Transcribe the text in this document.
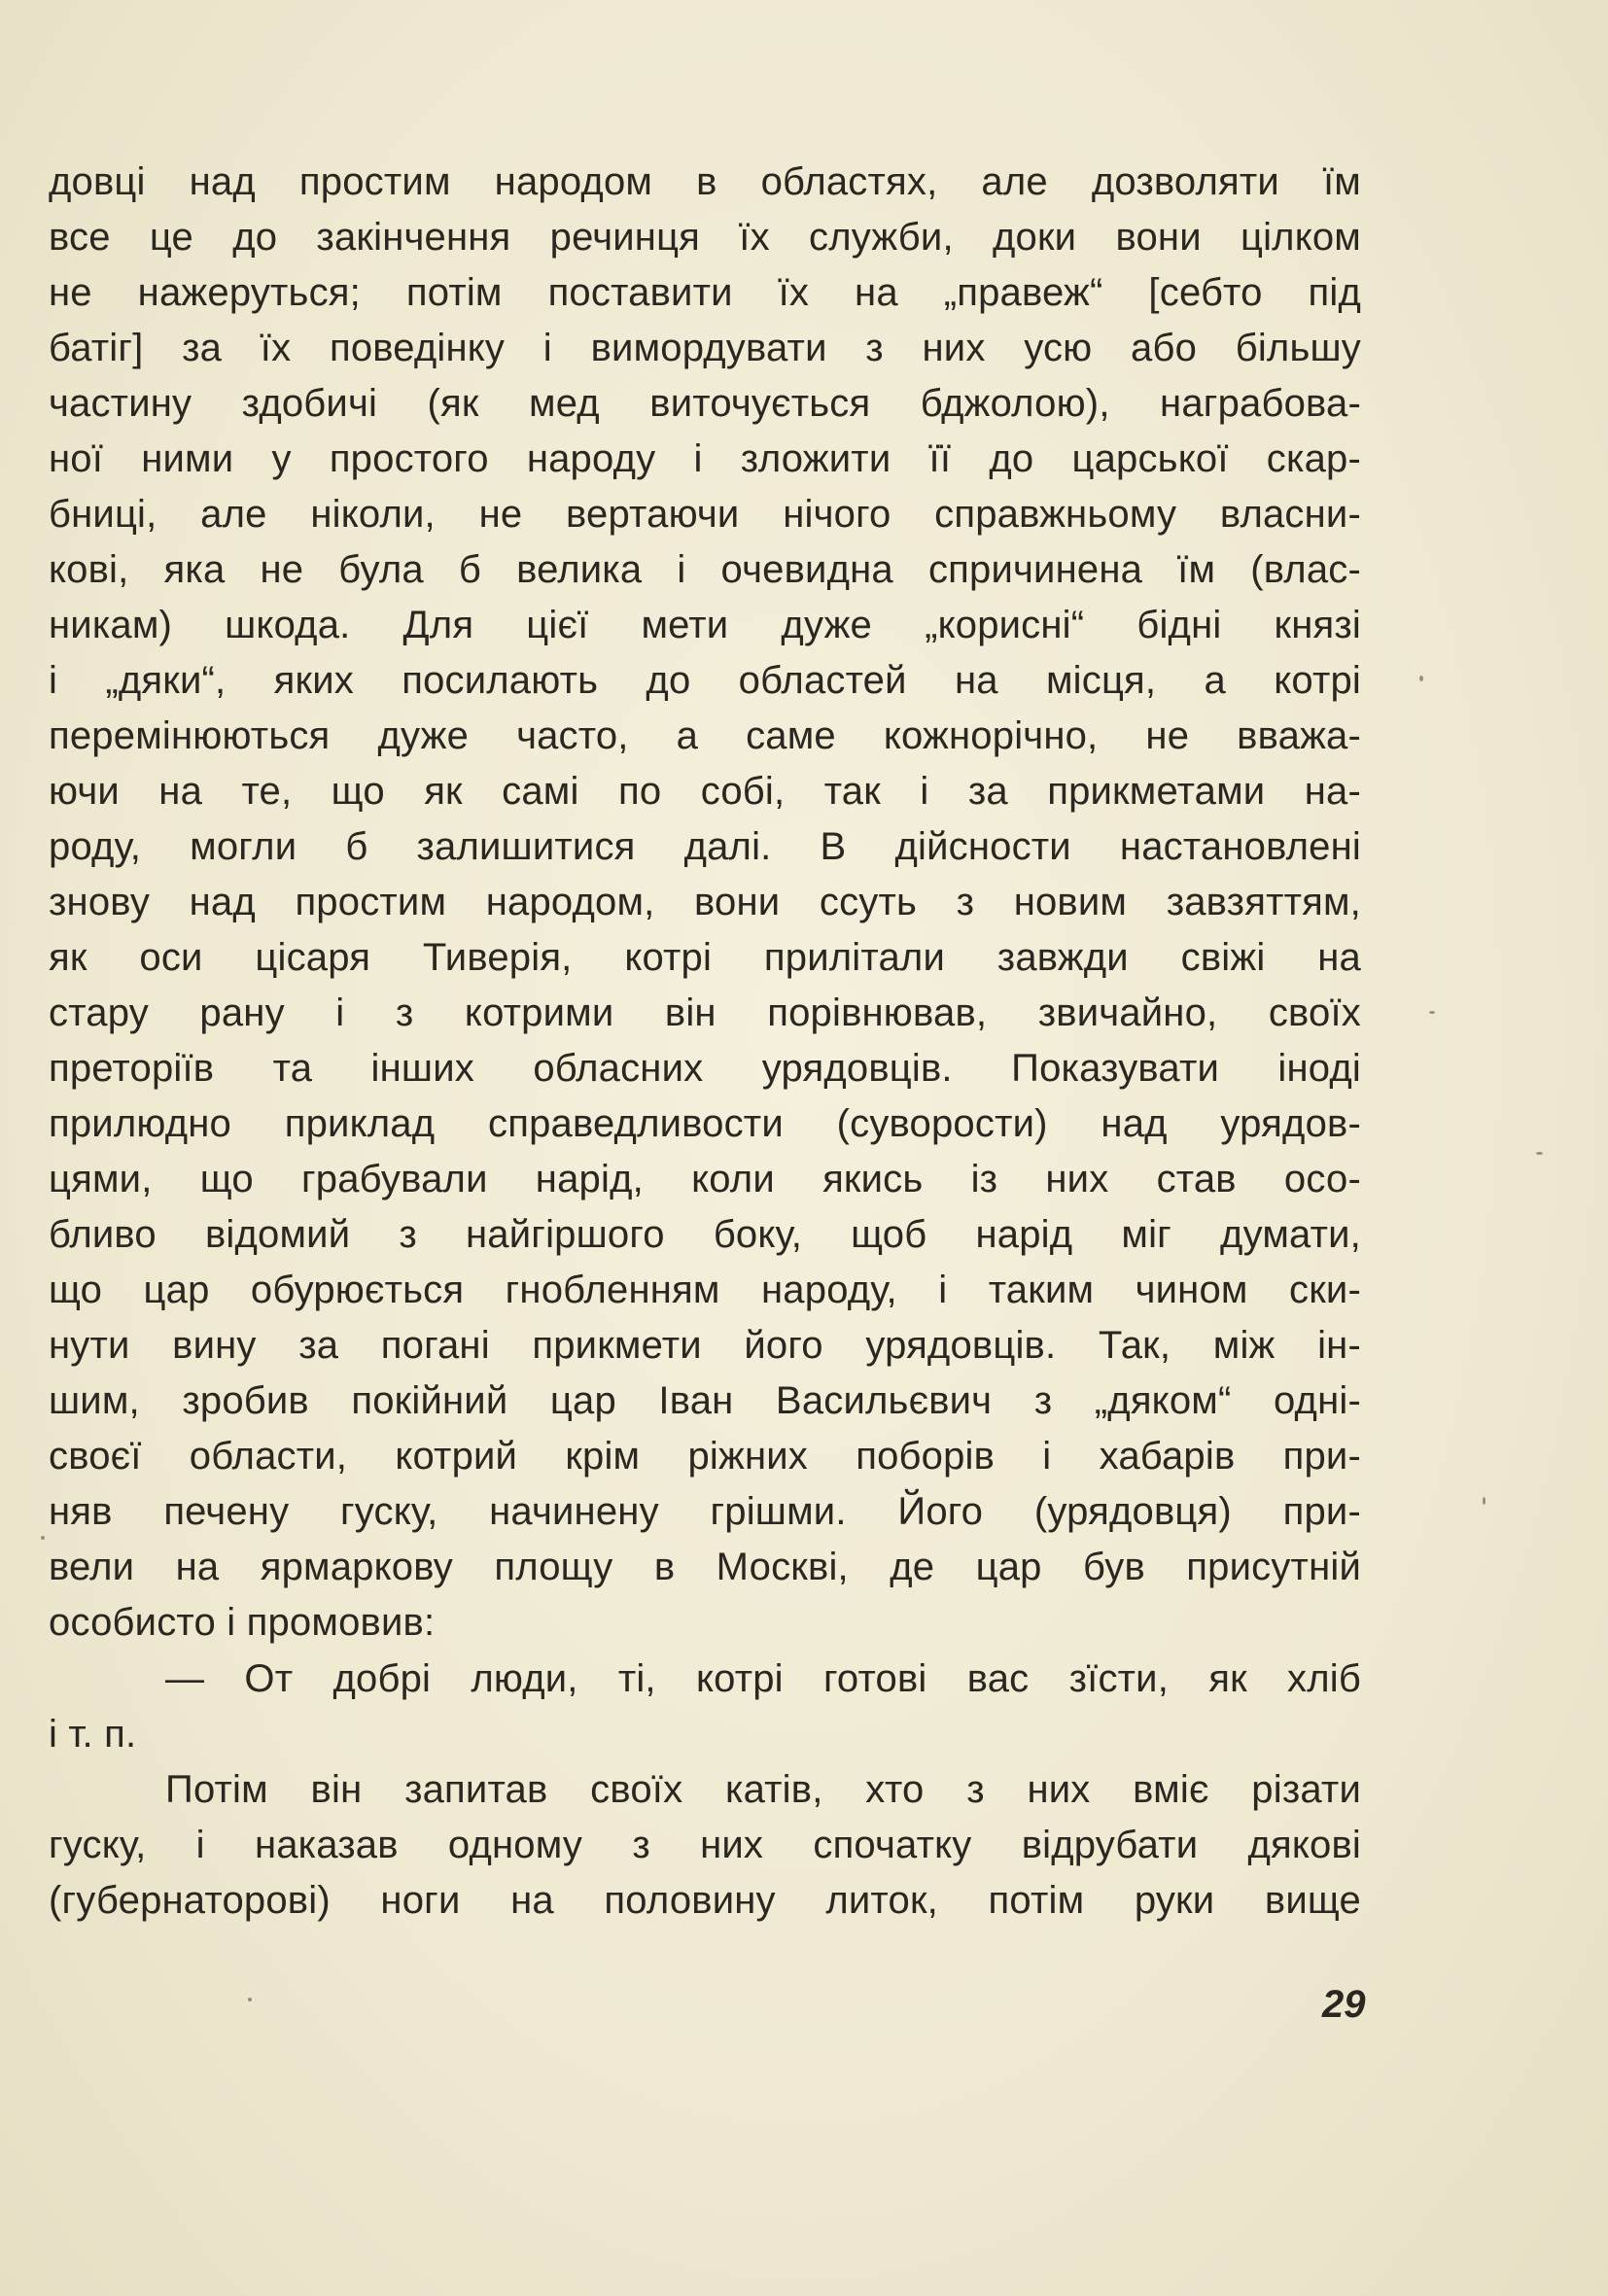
довці над простим народом в областях, але дозволяти їм
все це до закінчення речинця їх служби, доки вони цілком
не нажеруться; потім поставити їх на „правеж“ [себто під
батіг] за їх поведінку і вимордувати з них усю або більшу
частину здобичі (як мед виточується бджолою), награбова-
ної ними у простого народу і зложити її до царської скар-
бниці, але ніколи, не вертаючи нічого справжньому власни-
кові, яка не була б велика і очевидна спричинена їм (влас-
никам) шкода. Для цієї мети дуже „корисні“ бідні князі
і „дяки“, яких посилають до областей на місця, а котрі
перемінюються дуже часто, а саме кожнорічно, не вважа-
ючи на те, що як самі по собі, так і за прикметами на-
роду, могли б залишитися далі. В дійсности настановлені
знову над простим народом, вони ссуть з новим завзяттям,
як оси цісаря Тиверія, котрі прилітали завжди свіжі на
стару рану і з котрими він порівнював, звичайно, своїх
преторіїв та інших обласних урядовців. Показувати іноді
прилюдно приклад справедливости (суворости) над урядов-
цями, що грабували нарід, коли якись із них став осо-
бливо відомий з найгіршого боку, щоб нарід міг думати,
що цар обурюється гнобленням народу, і таким чином ски-
нути вину за погані прикмети його урядовців. Так, між ін-
шим, зробив покійний цар Іван Васильєвич з „дяком“ одні-
своєї области, котрий крім ріжних поборів і хабарів при-
няв печену гуску, начинену грішми. Його (урядовця) при-
вели на ярмаркову площу в Москві, де цар був присутній
особисто і промовив:
— От добрі люди, ті, котрі готові вас зїсти, як хліб
і т. п.
Потім він запитав своїх катів, хто з них вміє різати
гуску, і наказав одному з них спочатку відрубати дякові
(губернаторові) ноги на половину литок, потім руки вище
29
